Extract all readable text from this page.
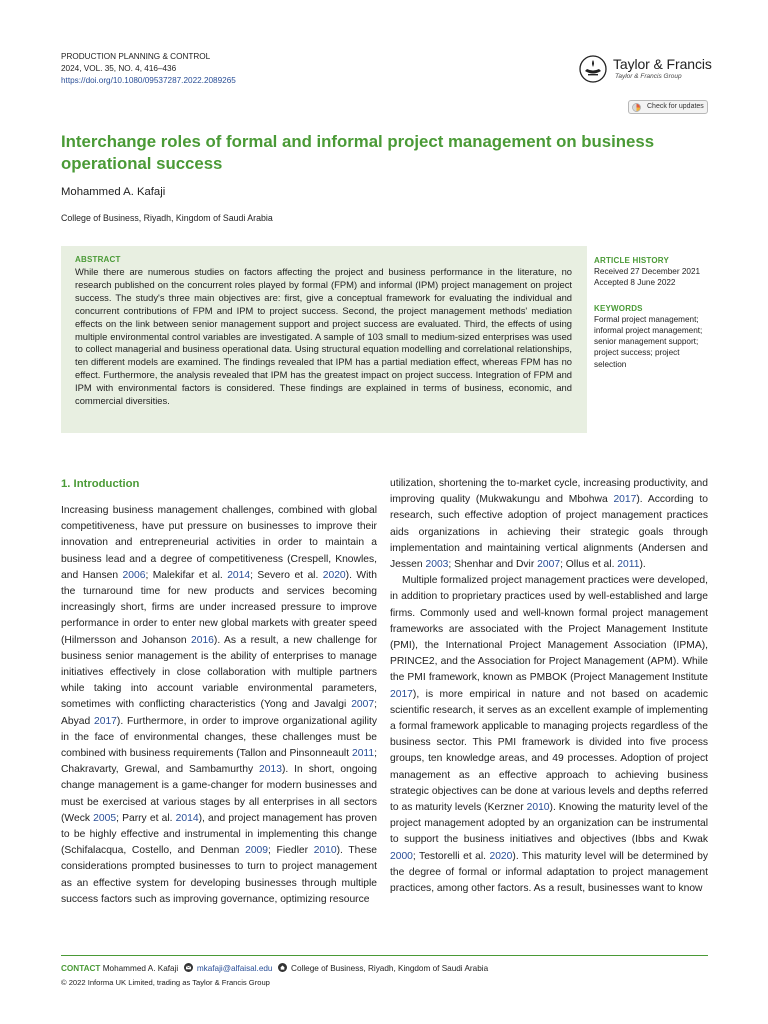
PRODUCTION PLANNING & CONTROL
2024, VOL. 35, NO. 4, 416–436
https://doi.org/10.1080/09537287.2022.2089265
Taylor & Francis
Taylor & Francis Group
Check for updates
Interchange roles of formal and informal project management on business operational success
Mohammed A. Kafaji
College of Business, Riyadh, Kingdom of Saudi Arabia
ABSTRACT

While there are numerous studies on factors affecting the project and business performance in the literature, no research published on the concurrent roles played by formal (FPM) and informal (IPM) project management on project success. The study's three main objectives are: first, give a conceptual framework for evaluating the individual and concurrent contributions of FPM and IPM to project success. Second, the project management methods' mediation effects on the link between senior management support and project success are evaluated. Third, the effects of using multiple environmental control variables are investigated. A sample of 103 small to medium-sized enterprises was used to collect managerial and business operational data. Using structural equation modelling and correlational relationships, ten different models are examined. The findings revealed that IPM has a partial mediation effect, whereas FPM has no effect. Furthermore, the analysis revealed that IPM has the greatest impact on project success. Integration of FPM and IPM with environmental factors is considered. These findings are explained in terms of business, economic, and commercial diversities.

ARTICLE HISTORY
Received 27 December 2021
Accepted 8 June 2022
KEYWORDS

Formal project management; informal project management; senior management support; project success; project selection

1. Introduction

Increasing business management challenges, combined with global competitiveness, have put pressure on businesses to improve their innovation and entrepreneurial activities in order to maintain a business lead and a degree of competitiveness (Crespell, Knowles, and Hansen 2006; Malekifar et al. 2014; Severo et al. 2020). With the turnaround time for new products and services becoming increasingly short, firms are under increased pressure to improve performance in order to enter new global markets with greater speed (Hilmersson and Johanson 2016). As a result, a new challenge for business senior management is the ability of enterprises to manage initiatives effectively in close collaboration with multiple partners while taking into account variable environmental parameters, sometimes with conflicting characteristics (Yong and Javalgi 2007; Abyad 2017). Furthermore, in order to improve organizational agility in the face of environmental changes, these challenges must be combined with business requirements (Tallon and Pinsonneault 2011; Chakravarty, Grewal, and Sambamurthy 2013). In short, ongoing change management is a game-changer for modern businesses and must be exercised at various stages by all enterprises in all sectors (Weck 2005; Parry et al. 2014), and project management has proven to be highly effective and instrumental in implementing this change (Schifalacqua, Costello, and Denman 2009; Fiedler 2010). These considerations prompted businesses to turn to project management as an effective system for developing businesses through multiple success factors such as improving governance, optimizing resource

utilization, shortening the to-market cycle, increasing productivity, and improving quality (Mukwakungu and Mbohwa 2017). According to research, such effective adoption of project management practices aids organizations in achieving their strategic goals through implementation and maintaining vertical alignments (Andersen and Jessen 2003; Shenhar and Dvir 2007; Ollus et al. 2011).

Multiple formalized project management practices were developed, in addition to proprietary practices used by well-established and large firms. Commonly used and well-known formal project management frameworks are associated with the Project Management Institute (PMI), the International Project Management Association (IPMA), PRINCE2, and the Association for Project Management (APM). While the PMI framework, known as PMBOK (Project Management Institute 2017), is more empirical in nature and not based on academic scientific research, it serves as an excellent example of implementing a formal framework applicable to managing projects regardless of the business sector. This PMI framework is divided into five process groups, ten knowledge areas, and 49 processes. Adoption of project management as an effective approach to achieving business strategic objectives can be done at various levels and depths referred to as maturity levels (Kerzner 2010). Knowing the maturity level of the project management adopted by an organization can be instrumental to support the business initiatives and objectives (Ibbs and Kwak 2000; Testorelli et al. 2020). This maturity level will be determined by the degree of formal or informal adaptation to project management practices, among other factors. As a result, businesses want to know

CONTACT Mohammed A. Kafaji mkafaji@alfaisal.edu College of Business, Riyadh, Kingdom of Saudi Arabia
© 2022 Informa UK Limited, trading as Taylor & Francis Group
